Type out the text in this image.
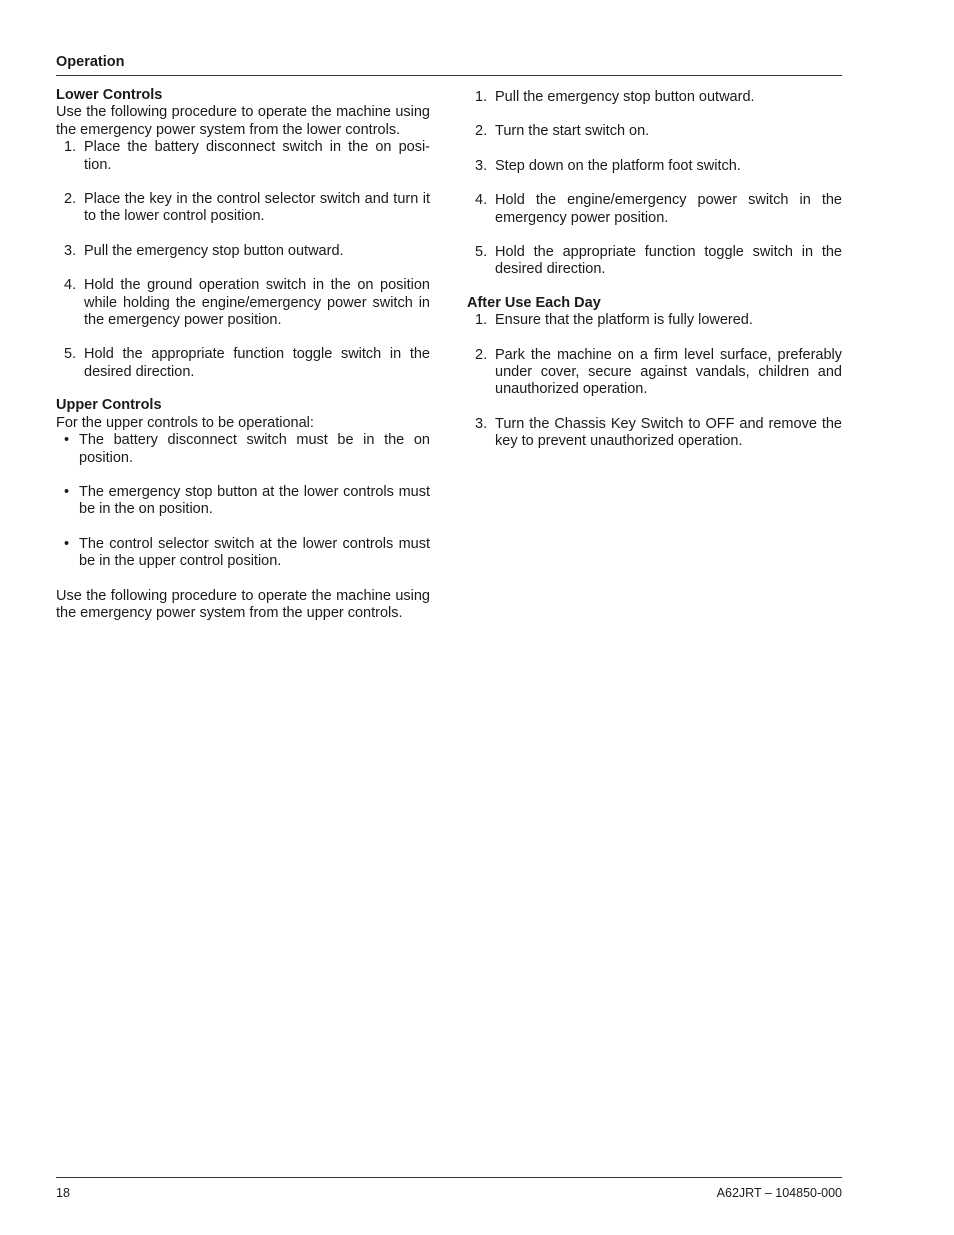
Operation

Lower Controls

Use the following procedure to operate the machine using the emergency power system from the lower controls.

1. Place the battery disconnect switch in the on posi-tion.
2. Place the key in the control selector switch and turn it to the lower control position.
3. Pull the emergency stop button outward.
4. Hold the ground operation switch in the on position while holding the engine/emergency power switch in the emergency power position.
5. Hold the appropriate function toggle switch in the desired direction.

Upper Controls

For the upper controls to be operational:

• The battery disconnect switch must be in the on position.
• The emergency stop button at the lower controls must be in the on position.
• The control selector switch at the lower controls must be in the upper control position.

Use the following procedure to operate the machine using the emergency power system from the upper controls.

1. Pull the emergency stop button outward.
2. Turn the start switch on.
3. Step down on the platform foot switch.
4. Hold the engine/emergency power switch in the emergency power position.
5. Hold the appropriate function toggle switch in the desired direction.

After Use Each Day

1. Ensure that the platform is fully lowered.
2. Park the machine on a firm level surface, preferably under cover, secure against vandals, children and unauthorized operation.
3. Turn the Chassis Key Switch to OFF and remove the key to prevent unauthorized operation.
18	A62JRT – 104850-000
